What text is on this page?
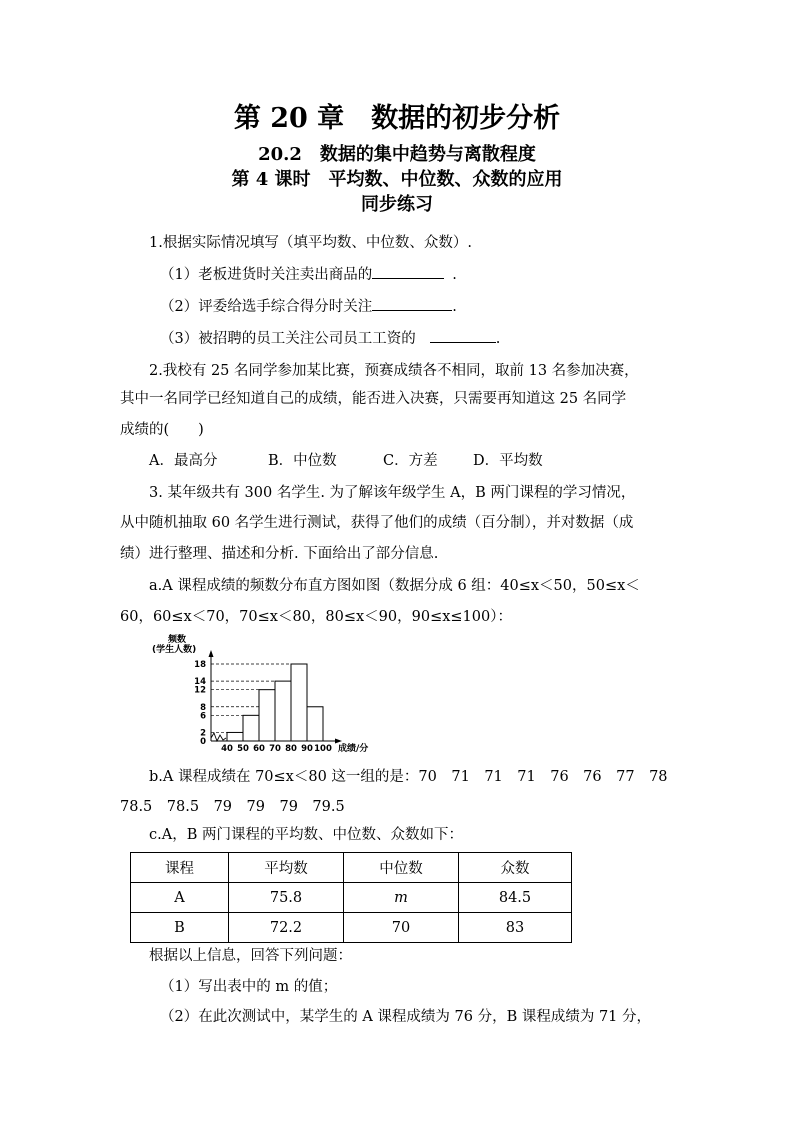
第 20 章　数据的初步分析
20.2　数据的集中趋势与离散程度
第 4 课时　平均数、中位数、众数的应用
同步练习
1.根据实际情况填写（填平均数、中位数、众数）.
（1）老板进货时关注卖出商品的	.
（2）评委给选手综合得分时关注	.
（3）被招聘的员工关注公司员工工资的	.
2.我校有 25 名同学参加某比赛，预赛成绩各不相同，取前 13 名参加决赛，
其中一名同学已经知道自己的成绩，能否进入决赛，只需要再知道这 25 名同学
成绩的(　　)
A．最高分	B．中位数	C．方差 D．平均数
3. 某年级共有 300 名学生. 为了解该年级学生 A，B 两门课程的学习情况，
从中随机抽取 60 名学生进行测试，获得了他们的成绩（百分制），并对数据（成
绩）进行整理、描述和分析. 下面给出了部分信息.
a.A 课程成绩的频数分布直方图如图（数据分成 6 组：40≤x＜50，50≤x＜
60，60≤x＜70，70≤x＜80，80≤x＜90，90≤x≤100）：
频数
(学生人数)
0
2
6
8
12
14
18
40 50 60 70 80 90 100 成绩/分
b.A 课程成绩在 70≤x＜80 这一组的是：70　71　71　71　76　76　77　78
78.5　78.5　79　79　79　79.5
c.A，B 两门课程的平均数、中位数、众数如下：
课程	平均数	中位数	众数
A	75.8	m	84.5
B	72.2	70	83
根据以上信息，回答下列问题：
（1）写出表中的 m 的值；
（2）在此次测试中，某学生的 A 课程成绩为 76 分，B 课程成绩为 71 分，
